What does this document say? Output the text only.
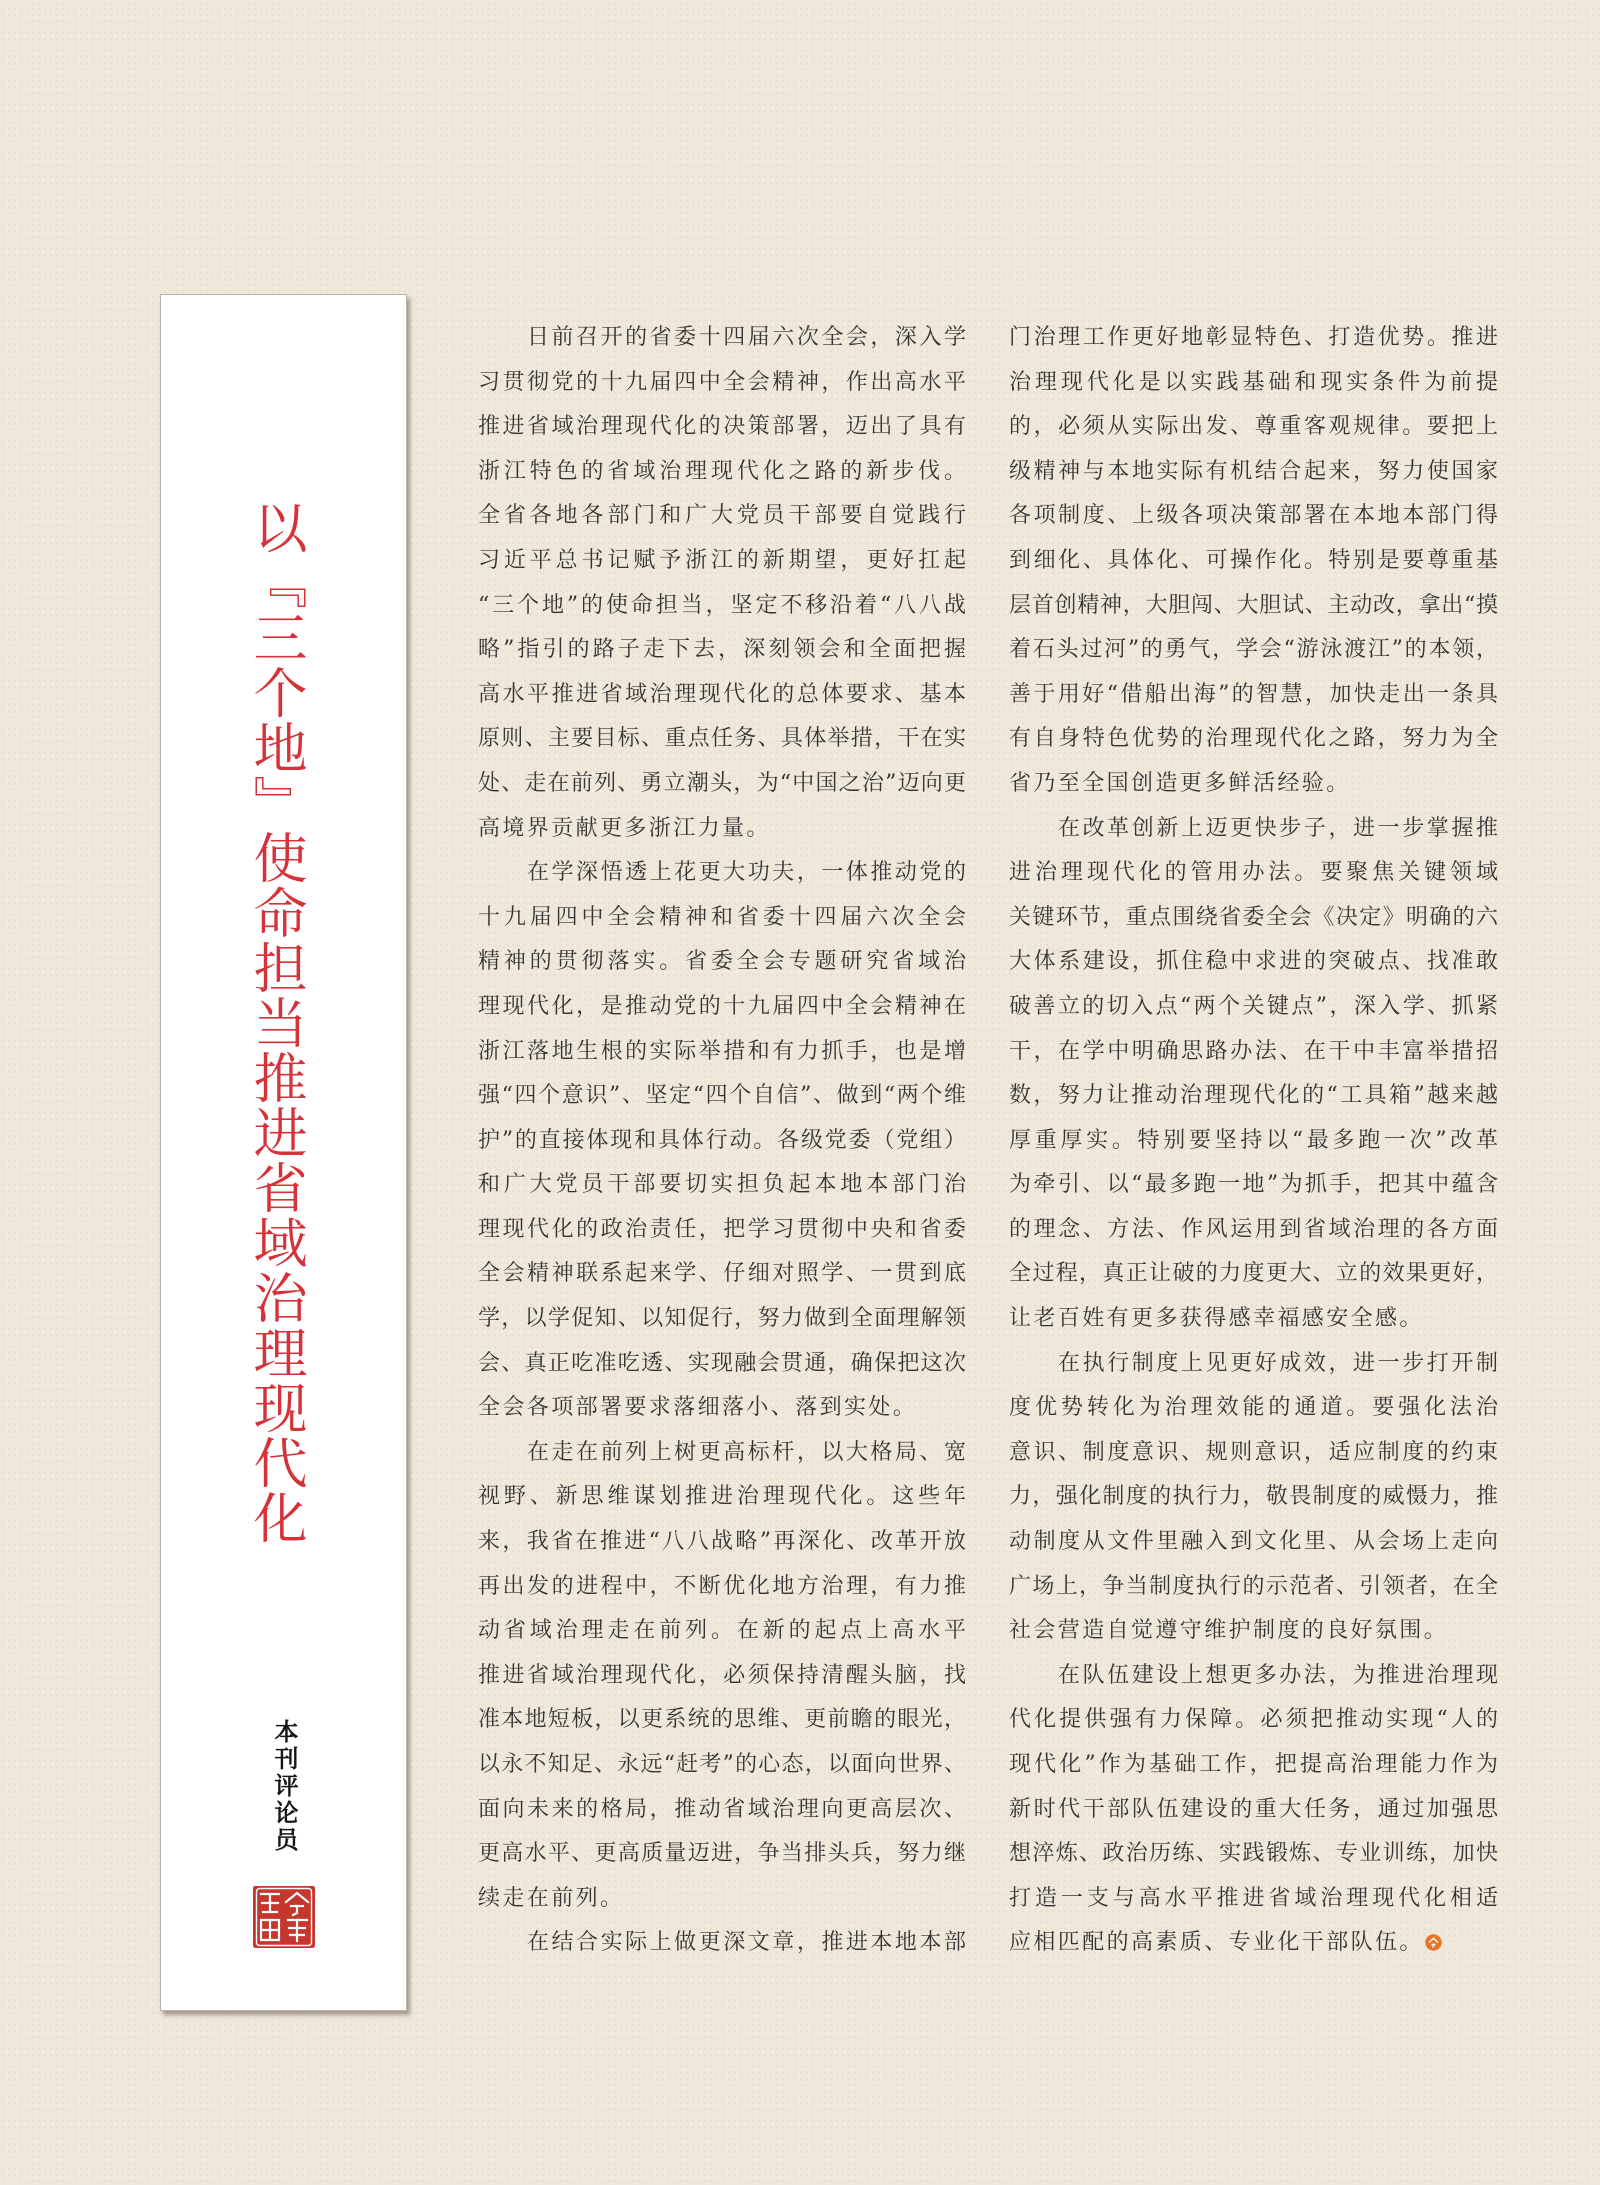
以『三个地』使命担当推进省域治理现代化
本刊评论员
日前召开的省委十四届六次全会，深入学
习贯彻党的十九届四中全会精神，作出高水平
推进省域治理现代化的决策部署，迈出了具有
浙江特色的省域治理现代化之路的新步伐。
全省各地各部门和广大党员干部要自觉践行
习近平总书记赋予浙江的新期望，更好扛起
“三个地”的使命担当，坚定不移沿着“八八战
略”指引的路子走下去，深刻领会和全面把握
高水平推进省域治理现代化的总体要求、基本
原则、主要目标、重点任务、具体举措，干在实
处、走在前列、勇立潮头，为“中国之治”迈向更
高境界贡献更多浙江力量。
在学深悟透上花更大功夫，一体推动党的
十九届四中全会精神和省委十四届六次全会
精神的贯彻落实。省委全会专题研究省域治
理现代化，是推动党的十九届四中全会精神在
浙江落地生根的实际举措和有力抓手，也是增
强“四个意识”、坚定“四个自信”、做到“两个维
护”的直接体现和具体行动。各级党委（党组）
和广大党员干部要切实担负起本地本部门治
理现代化的政治责任，把学习贯彻中央和省委
全会精神联系起来学、仔细对照学、一贯到底
学，以学促知、以知促行，努力做到全面理解领
会、真正吃准吃透、实现融会贯通，确保把这次
全会各项部署要求落细落小、落到实处。
在走在前列上树更高标杆，以大格局、宽
视野、新思维谋划推进治理现代化。这些年
来，我省在推进“八八战略”再深化、改革开放
再出发的进程中，不断优化地方治理，有力推
动省域治理走在前列。在新的起点上高水平
推进省域治理现代化，必须保持清醒头脑，找
准本地短板，以更系统的思维、更前瞻的眼光，
以永不知足、永远“赶考”的心态，以面向世界、
面向未来的格局，推动省域治理向更高层次、
更高水平、更高质量迈进，争当排头兵，努力继
续走在前列。
在结合实际上做更深文章，推进本地本部
门治理工作更好地彰显特色、打造优势。推进
治理现代化是以实践基础和现实条件为前提
的，必须从实际出发、尊重客观规律。要把上
级精神与本地实际有机结合起来，努力使国家
各项制度、上级各项决策部署在本地本部门得
到细化、具体化、可操作化。特别是要尊重基
层首创精神，大胆闯、大胆试、主动改，拿出“摸
着石头过河”的勇气，学会“游泳渡江”的本领，
善于用好“借船出海”的智慧，加快走出一条具
有自身特色优势的治理现代化之路，努力为全
省乃至全国创造更多鲜活经验。
在改革创新上迈更快步子，进一步掌握推
进治理现代化的管用办法。要聚焦关键领域
关键环节，重点围绕省委全会《决定》明确的六
大体系建设，抓住稳中求进的突破点、找准敢
破善立的切入点“两个关键点”，深入学、抓紧
干，在学中明确思路办法、在干中丰富举措招
数，努力让推动治理现代化的“工具箱”越来越
厚重厚实。特别要坚持以“最多跑一次”改革
为牵引、以“最多跑一地”为抓手，把其中蕴含
的理念、方法、作风运用到省域治理的各方面
全过程，真正让破的力度更大、立的效果更好，
让老百姓有更多获得感幸福感安全感。
在执行制度上见更好成效，进一步打开制
度优势转化为治理效能的通道。要强化法治
意识、制度意识、规则意识，适应制度的约束
力，强化制度的执行力，敬畏制度的威慑力，推
动制度从文件里融入到文化里、从会场上走向
广场上，争当制度执行的示范者、引领者，在全
社会营造自觉遵守维护制度的良好氛围。
在队伍建设上想更多办法，为推进治理现
代化提供强有力保障。必须把推动实现“人的
现代化”作为基础工作，把提高治理能力作为
新时代干部队伍建设的重大任务，通过加强思
想淬炼、政治历练、实践锻炼、专业训练，加快
打造一支与高水平推进省域治理现代化相适
应相匹配的高素质、专业化干部队伍。
